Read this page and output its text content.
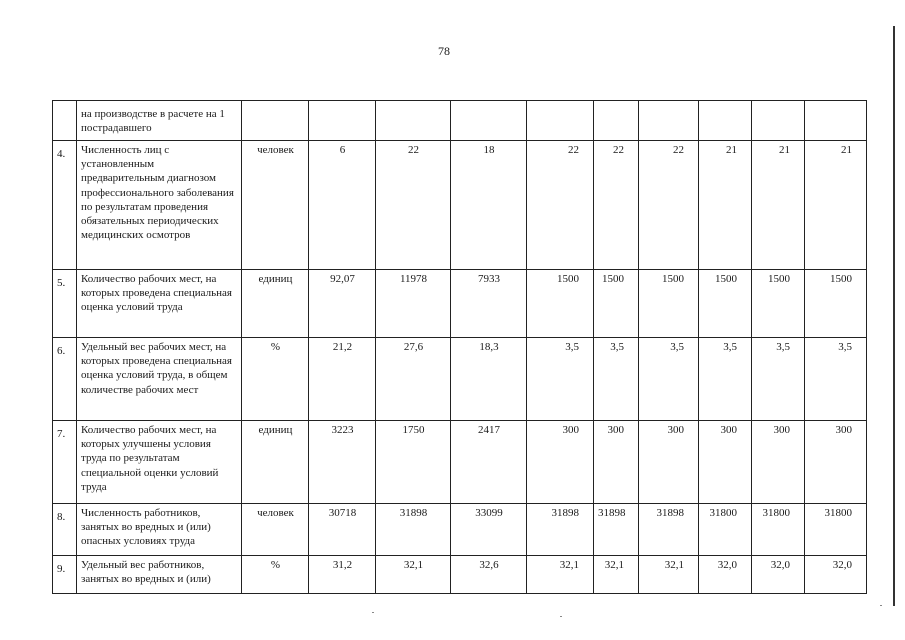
78
	на производстве в расчете на 1 пострадавшего										
4.	Численность лиц с установленным предварительным диагнозом профессионального заболевания по результатам проведения обязательных периодических медицинских осмотров	человек	6	22	18	22	22	22	21	21	21
5.	Количество рабочих мест, на которых проведена специальная оценка условий труда	единиц	92,07	11978	7933	1500	1500	1500	1500	1500	1500
6.	Удельный вес рабочих мест, на которых проведена специальная оценка условий труда, в общем количестве рабочих мест	%	21,2	27,6	18,3	3,5	3,5	3,5	3,5	3,5	3,5
7.	Количество рабочих мест, на которых улучшены условия труда по результатам специальной оценки условий труда	единиц	3223	1750	2417	300	300	300	300	300	300
8.	Численность работников, занятых во вредных и (или) опасных условиях труда	человек	30718	31898	33099	31898	31898	31898	31800	31800	31800
9.	Удельный вес работников, занятых во вредных и (или)	%	31,2	32,1	32,6	32,1	32,1	32,1	32,0	32,0	32,0
